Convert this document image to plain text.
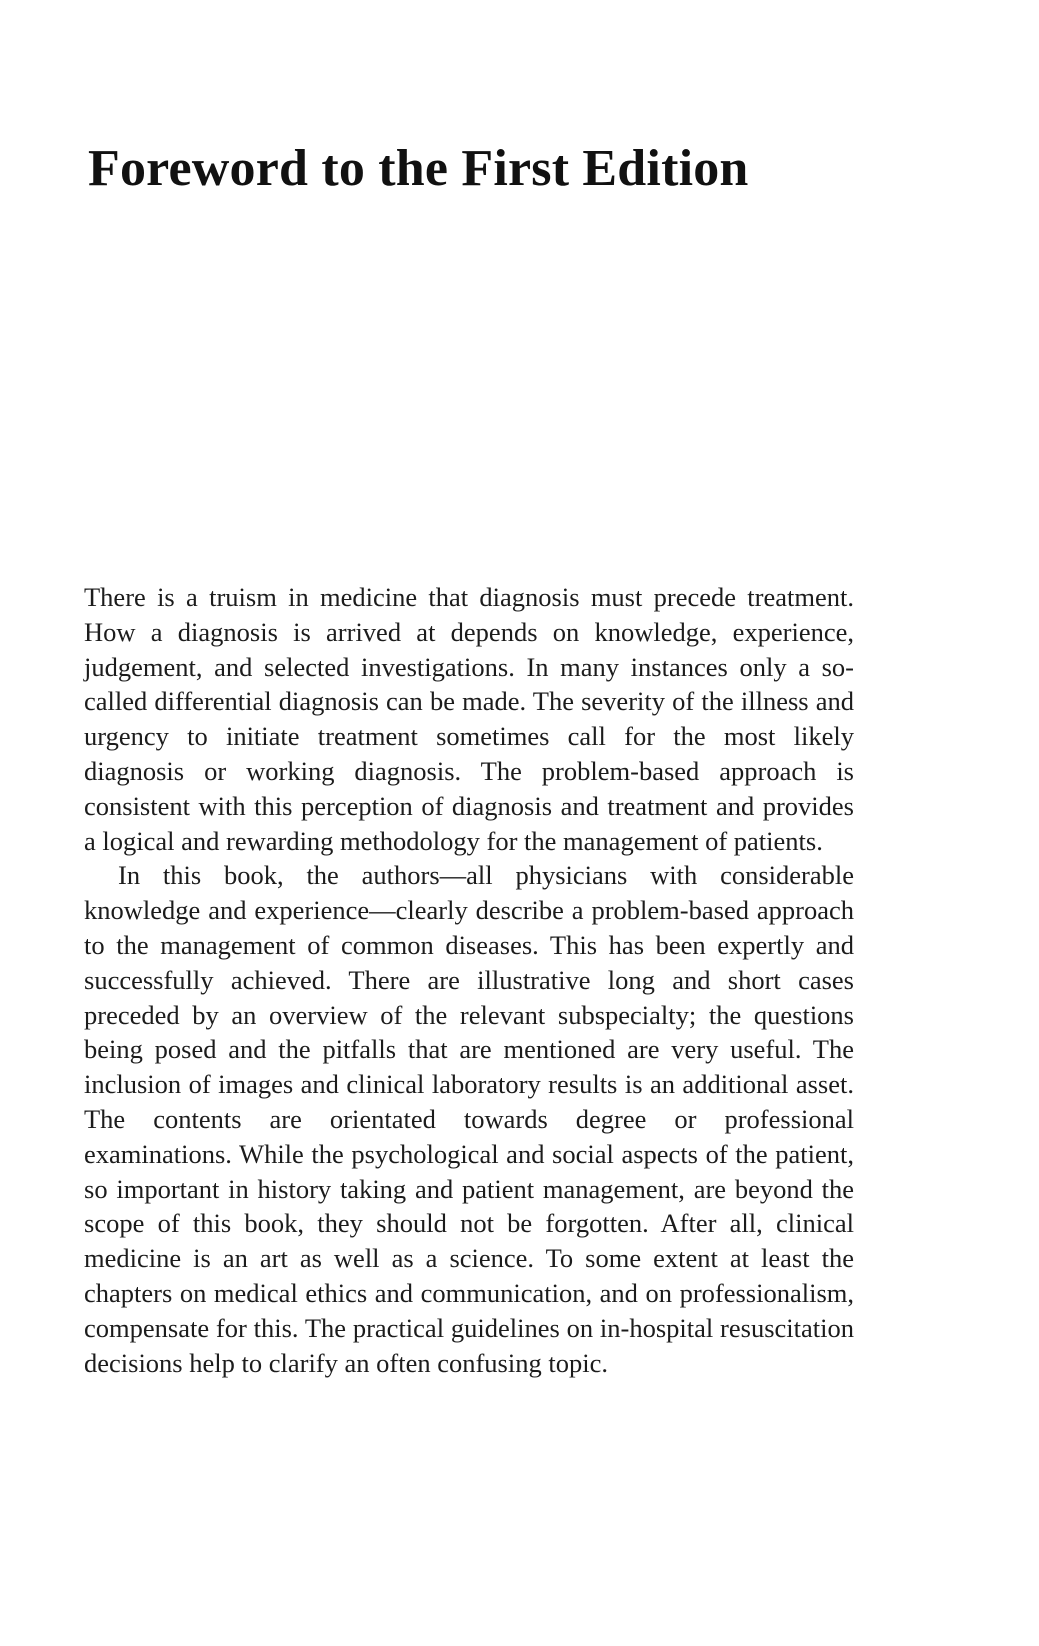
Foreword to the First Edition

There is a truism in medicine that diagnosis must precede treatment. How a diagnosis is arrived at depends on knowledge, experience, judgement, and selected investigations. In many instances only a so-called differential diagnosis can be made. The severity of the illness and urgency to initiate treatment sometimes call for the most likely diagnosis or working diagnosis. The problem-based approach is consistent with this perception of diagnosis and treatment and provides a logical and rewarding methodology for the management of patients.

In this book, the authors—all physicians with considerable knowledge and experience—clearly describe a problem-based approach to the management of common diseases. This has been expertly and successfully achieved. There are illustrative long and short cases preceded by an overview of the relevant subspecialty; the questions being posed and the pitfalls that are mentioned are very useful. The inclusion of images and clinical laboratory results is an additional asset. The contents are orientated towards degree or professional examinations. While the psychological and social aspects of the patient, so important in history taking and patient management, are beyond the scope of this book, they should not be forgotten. After all, clinical medicine is an art as well as a science. To some extent at least the chapters on medical ethics and communication, and on professionalism, compensate for this. The practical guidelines on in-hospital resuscitation decisions help to clarify an often confusing topic.
